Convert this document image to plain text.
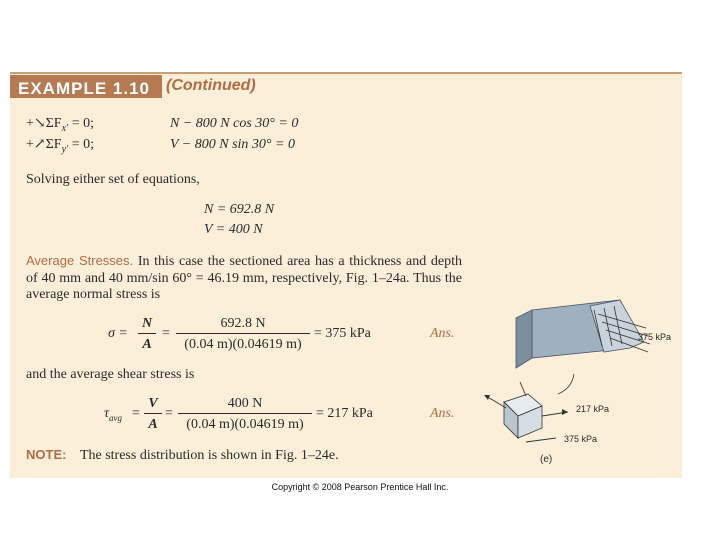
EXAMPLE 1.10 (Continued)
$+↘\Sigma F_{x'} = 0$;	N − 800 N cos 30° = 0
$+↗\Sigma F_{y'} = 0$;	V − 800 N sin 30° = 0
Solving either set of equations,
N = 692.8 N
V = 400 N
Average Stresses. In this case the sectioned area has a thickness and depth of 40 mm and 40 mm/sin 60° = 46.19 mm, respectively, Fig. 1–24a. Thus the average normal stress is
σ =
N
A
=
692.8 N
(0.04 m)(0.04619 m)
= 375 kPa	Ans.
and the average shear stress is
$\tau_{avg}$ =
V
A
=
400 N
(0.04 m)(0.04619 m)
= 217 kPa	Ans.
NOTE: The stress distribution is shown in Fig. 1–24e.
375 kPa
217 kPa
375 kPa
(e)
Copyright © 2008 Pearson Prentice Hall Inc.
